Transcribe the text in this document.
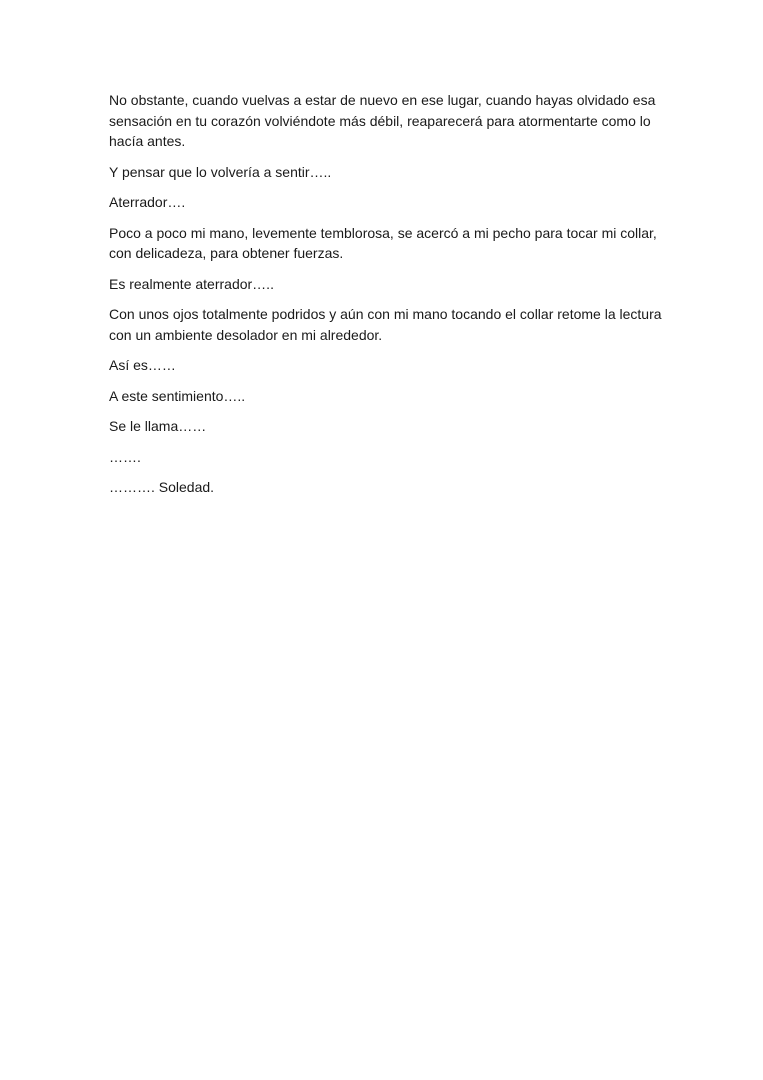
No obstante, cuando vuelvas a estar de nuevo en ese lugar, cuando hayas olvidado esa sensación en tu corazón volviéndote más débil, reaparecerá para atormentarte como lo hacía antes.

Y pensar que lo volvería a sentir…..

Aterrador….

Poco a poco mi mano, levemente temblorosa, se acercó a mi pecho para tocar mi collar, con delicadeza, para obtener fuerzas.

Es realmente aterrador…..

Con unos ojos totalmente podridos y aún con mi mano tocando el collar retome la lectura con un ambiente desolador en mi alrededor.

Así es……

A este sentimiento…..

Se le llama……

…….

………. Soledad.
